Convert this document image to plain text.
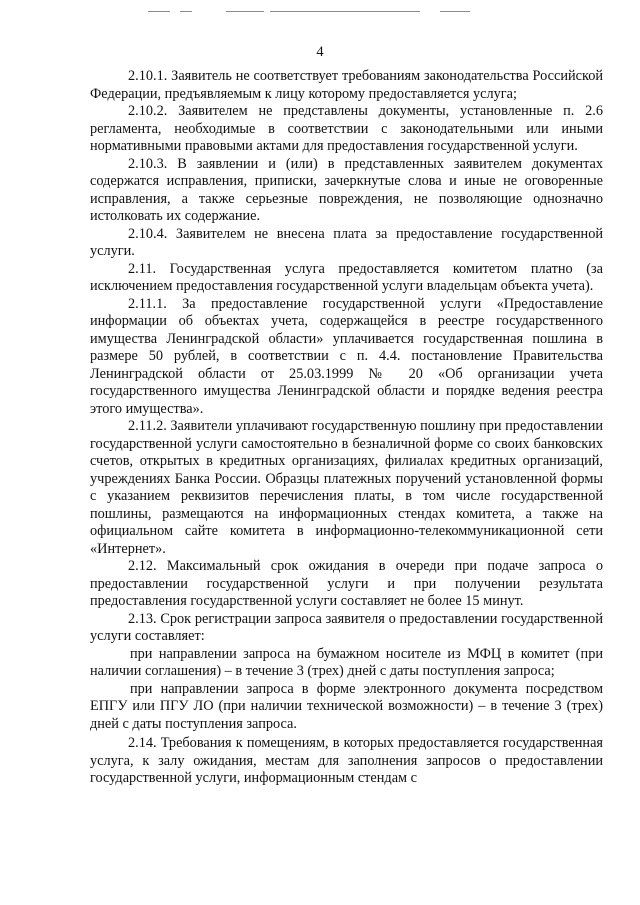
4

2.10.1. Заявитель не соответствует требованиям законодательства Российской Федерации, предъявляемым к лицу которому предоставляется услуга;

2.10.2. Заявителем не представлены документы, установленные п. 2.6 регламента, необходимые в соответствии с законодательными или иными нормативными правовыми актами для предоставления государственной услуги.

2.10.3. В заявлении и (или) в представленных заявителем документах содержатся исправления, приписки, зачеркнутые слова и иные не оговоренные исправления, а также серьезные повреждения, не позволяющие однозначно истолковать их содержание.

2.10.4. Заявителем не внесена плата за предоставление государственной услуги.

2.11. Государственная услуга предоставляется комитетом платно (за исключением предоставления государственной услуги владельцам объекта учета).

2.11.1. За предоставление государственной услуги «Предоставление информации об объектах учета, содержащейся в реестре государственного имущества Ленинградской области» уплачивается государственная пошлина в размере 50 рублей, в соответствии с п. 4.4. постановление Правительства Ленинградской области от 25.03.1999 № 20 «Об организации учета государственного имущества Ленинградской области и порядке ведения реестра этого имущества».

2.11.2. Заявители уплачивают государственную пошлину при предоставлении государственной услуги самостоятельно в безналичной форме со своих банковских счетов, открытых в кредитных организациях, филиалах кредитных организаций, учреждениях Банка России. Образцы платежных поручений установленной формы с указанием реквизитов перечисления платы, в том числе государственной пошлины, размещаются на информационных стендах комитета, а также на официальном сайте комитета в информационно-телекоммуникационной сети «Интернет».

2.12. Максимальный срок ожидания в очереди при подаче запроса о предоставлении государственной услуги и при получении результата предоставления государственной услуги составляет не более 15 минут.

2.13. Срок регистрации запроса заявителя о предоставлении государственной услуги составляет:

при направлении запроса на бумажном носителе из МФЦ в комитет (при наличии соглашения) – в течение 3 (трех) дней с даты поступления запроса;

при направлении запроса в форме электронного документа посредством ЕПГУ или ПГУ ЛО (при наличии технической возможности) – в течение 3 (трех) дней с даты поступления запроса.

2.14. Требования к помещениям, в которых предоставляется государственная услуга, к залу ожидания, местам для заполнения запросов о предоставлении государственной услуги, информационным стендам с
